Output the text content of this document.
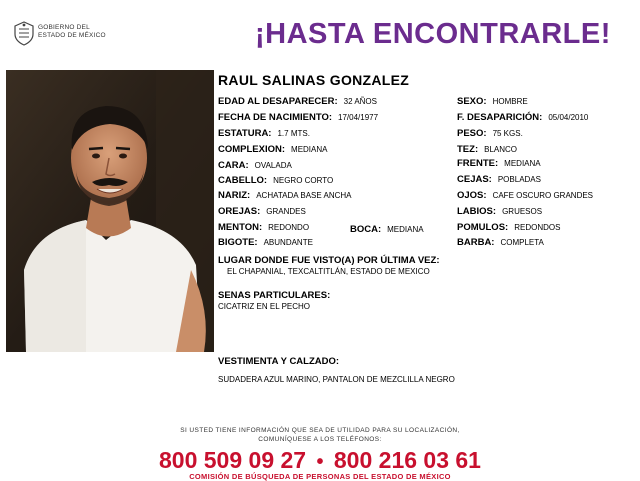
GOBIERNO DEL
ESTADO DE MÉXICO	¡HASTA ENCONTRARLE!
RAUL SALINAS GONZALEZ
EDAD AL DESAPARECER: 32 AÑOS
FECHA DE NACIMIENTO: 17/04/1977
ESTATURA: 1.7 MTS.
COMPLEXION: MEDIANA
CARA: OVALADA
CABELLO: NEGRO CORTO
NARIZ: ACHATADA BASE ANCHA
OREJAS: GRANDES
MENTON: REDONDO
BIGOTE: ABUNDANTE
BOCA: MEDIANA
SEXO: HOMBRE
F. DESAPARICIÓN: 05/04/2010
PESO: 75 KGS.
TEZ: BLANCO
FRENTE: MEDIANA
CEJAS: POBLADAS
OJOS: CAFE OSCURO GRANDES
LABIOS: GRUESOS
POMULOS: REDONDOS
BARBA: COMPLETA
LUGAR DONDE FUE VISTO(A) POR ÚLTIMA VEZ:
EL CHAPANIAL, TEXCALTITLÁN, ESTADO DE MEXICO
SENAS PARTICULARES:
CICATRIZ EN EL PECHO
VESTIMENTA Y CALZADO:
SUDADERA AZUL MARINO, PANTALON DE MEZCLILLA NEGRO
SI USTED TIENE INFORMACIÓN QUE SEA DE UTILIDAD PARA SU LOCALIZACIÓN,
COMUNÍQUESE A LOS TELÉFONOS:
800 509 09 27 • 800 216 03 61
COMISIÓN DE BÚSQUEDA DE PERSONAS DEL ESTADO DE MÉXICO
